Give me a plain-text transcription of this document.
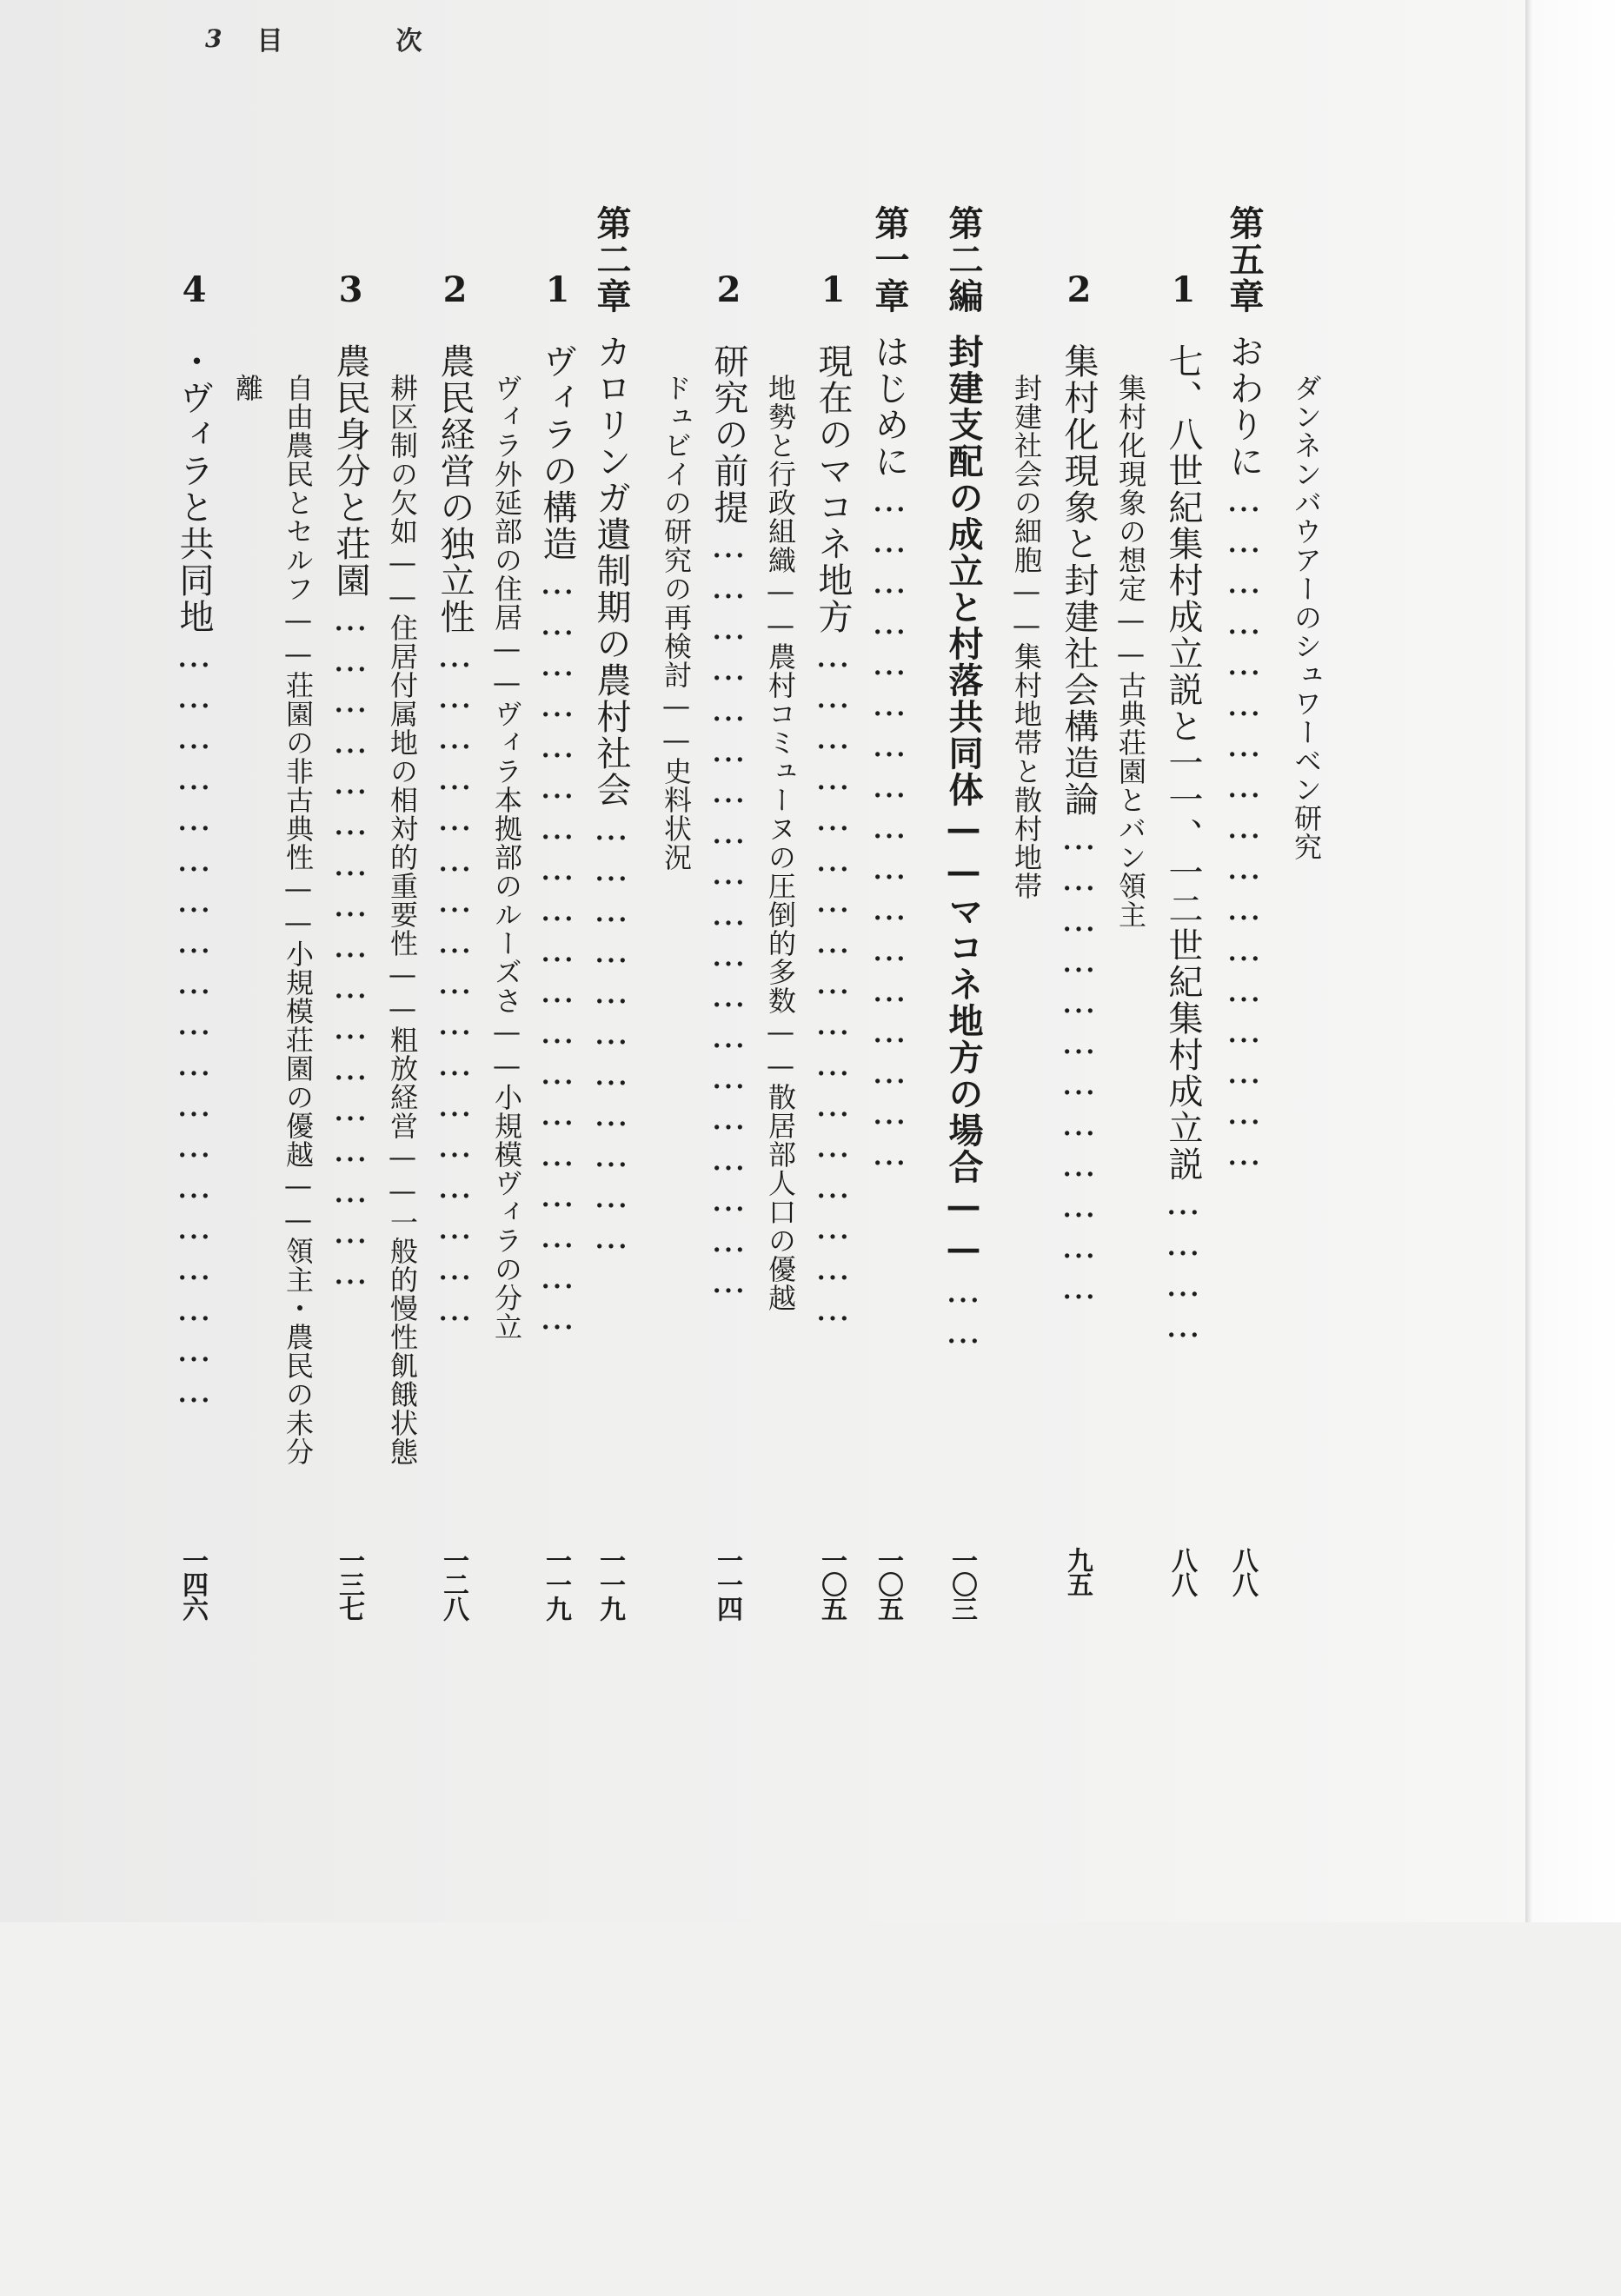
3 目	次
ダンネンバウアーのシュワーベン研究
第五章おわりに……………………………………………
八八
1七、八世紀集村成立説と一一、一二世紀集村成立説…………
八八
集村化現象の想定——古典荘園とバン領主
2集村化現象と封建社会構造論………………………………
九五
封建社会の細胞——集村地帯と散村地帯
第二編封建支配の成立と村落共同体——マコネ地方の場合——……
一〇三
第一章はじめに……………………………………………
一〇五
1現在のマコネ地方……………………………………………
一〇五
地勢と行政組織——農村コミューヌの圧倒的多数——散居部人口の優越
2研究の前提…………………………………………………
一一四
ドュビイの研究の再検討——史料状況
第二章カロリンガ遺制期の農村社会……………………………
一一九
1ヴィラの構造…………………………………………………
一一九
ヴィラ外延部の住居——ヴィラ本拠部のルーズさ——小規模ヴィラの分立
2農民経営の独立性……………………………………………
一二八
耕区制の欠如——住居付属地の相対的重要性——粗放経営——一般的慢性飢餓状態
3農民身分と荘園……………………………………………
一三七
自由農民とセルフ——荘園の非古典性——小規模荘園の優越——領主・農民の未分
離
4・ヴィラと共同地…………………………………………………
一四六
